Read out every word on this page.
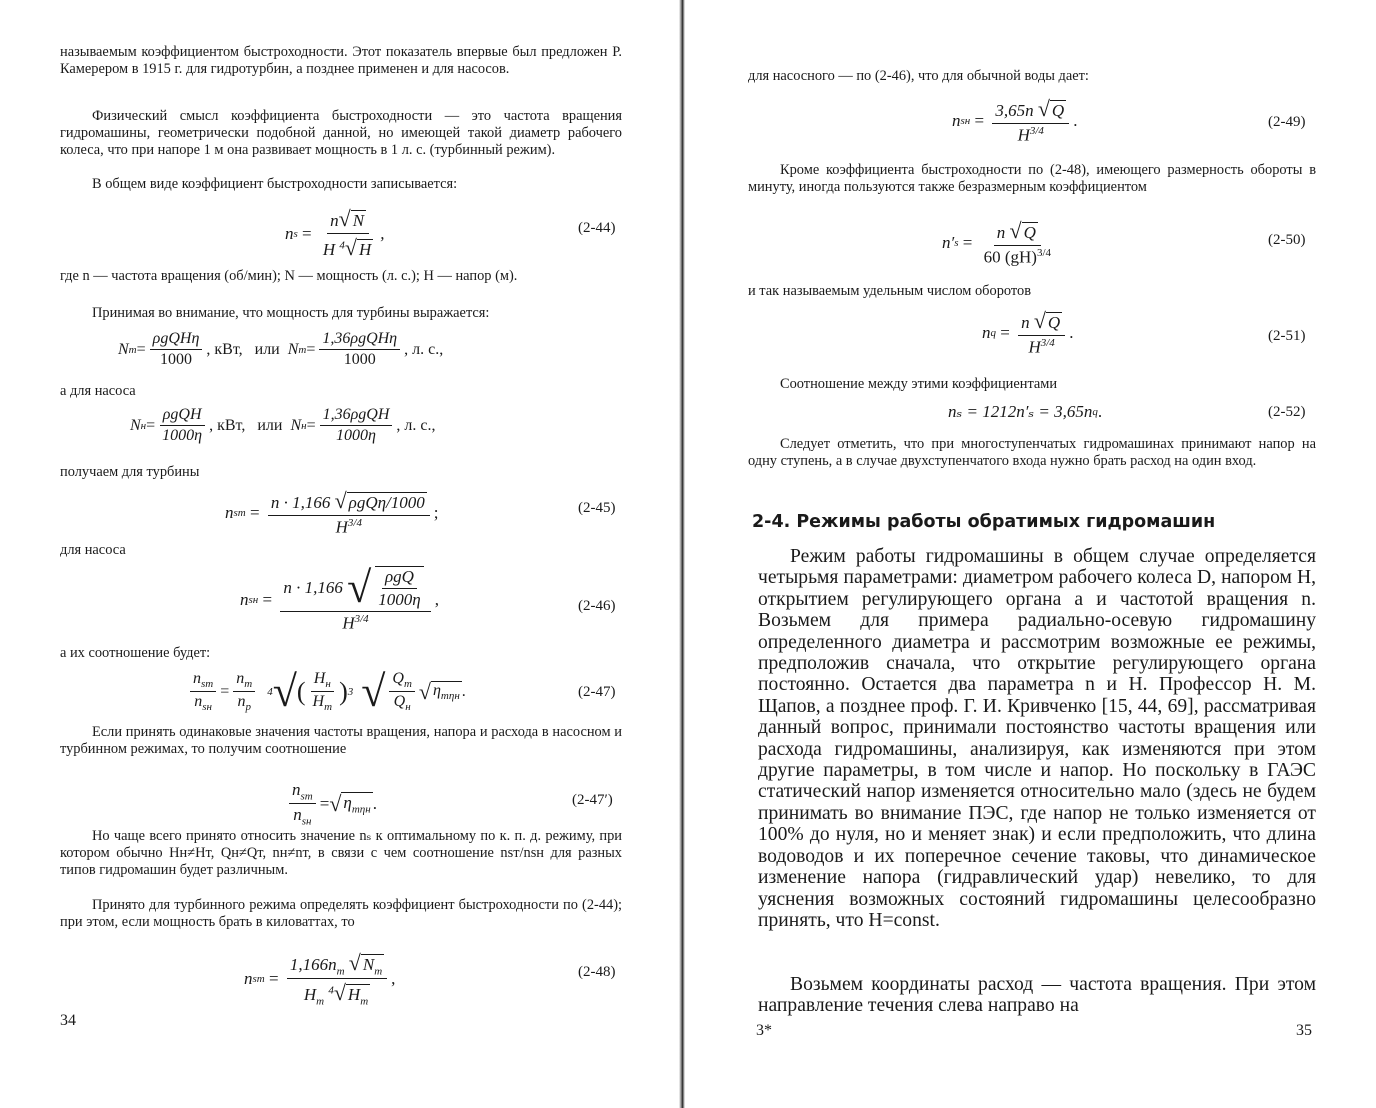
называемым коэффициентом быстроходности. Этот показатель впервые был предложен Р. Камерером в 1915 г. для гидротурбин, а позднее применен и для насосов.

Физический смысл коэффициента быстроходности — это частота вращения гидромашины, геометрически подобной данной, но имеющей такой диаметр рабочего колеса, что при напоре 1 м она развивает мощность в 1 л. с. (турбинный режим).

В общем виде коэффициент быстроходности записывается:

n $s = \frac{n√ N}{H ^4√ H}$ ,	(2-44)

где n — частота вращения (об/мин); N — мощность (л. с.); H — напор (м).

Принимая во внимание, что мощность для турбины выражается:

N $т = \frac{\text{ρgQHη}}{1000}$ , кВт,
или
N $т = \frac{\text{1,36ρgQHη}}{1000}$ , л. с.,

а для насоса

N $н = \frac{\text{ρgQH}}{1000\eta}$ , кВт,
или
N $н = \frac{\text{1,36ρgQH}}{1000\eta}$ , л. с.,

получаем для турбины

n sт = $\frac{\text{n · 1,166 √ ρgQη/1000}}{H^{3/4}}$ ;	(2-45)

для насоса

n sн = n · 1,166
√ $\frac{\text{ρgQ}}{1000\eta}$
$H^{3/4}$ ,	(2-46)

а их соотношение будет:

$\frac{n_{sт}}{n_{sн}} = \frac{n_т}{n_р}$
4 √ ( $\frac{H_н}{H_т}$ ) 3
√ $\frac{Q_т}{Q_н}$ √ $\eta_{т\eta н}$ .	(2-47)

Если принять одинаковые значения частоты вращения, напора и расхода в насосном и турбинном режимах, то получим соотношение

$\frac{n_{sт}}{n_{sн}}$ = √ $\eta_{т\eta н}$ .	(2-47′)

Но чаще всего принято относить значение nₛ к оптимальному по к. п. д. режиму, при котором обычно Hн≠Hт, Qн≠Qт, nн≠nт, в связи с чем соотношение nsт/nsн для разных типов гидромашин будет различным.

Принято для турбинного режима определять коэффициент быстроходности по (2-44); при этом, если мощность брать в киловаттах, то

n sт = $\frac{1,166n_т √ N_т}{H_т ^4√ H_т}$ ,	(2-48)
34

для насосного — по (2-46), что для обычной воды дает:

n sн = $\frac{3,65n √ Q}{H^{3/4}}$ .	(2-49)

Кроме коэффициента быстроходности по (2-48), имеющего размерность обороты в минуту, иногда пользуются также безразмерным коэффициентом

n′ $s = \frac{n √ Q}{60 (gH)^{3/4}}$	(2-50)

и так называемым удельным числом оборотов

n $q = \frac{n √ Q}{H^{3/4}}$ .	(2-51)

Соотношение между этими коэффициентами

nₛ = 1212n′ₛ = 3,65n q .	(2-52)

Следует отметить, что при многоступенчатых гидромашинах принимают напор на одну ступень, а в случае двухступенчатого входа нужно брать расход на один вход.

2-4. Режимы работы обратимых гидромашин

Режим работы гидромашины в общем случае определяется четырьмя параметрами: диаметром рабочего колеса D, напором H, открытием регулирующего органа a и частотой вращения n. Возьмем для примера радиально-осевую гидромашину определенного диаметра и рассмотрим возможные ее режимы, предположив сначала, что открытие регулирующего органа постоянно. Остается два параметра n и H. Профессор Н. М. Щапов, а позднее проф. Г. И. Кривченко [15, 44, 69], рассматривая данный вопрос, принимали постоянство частоты вращения или расхода гидромашины, анализируя, как изменяются при этом другие параметры, в том числе и напор. Но поскольку в ГАЭС статический напор изменяется относительно мало (здесь не будем принимать во внимание ПЭС, где напор не только изменяется от 100% до нуля, но и меняет знак) и если предположить, что длина водоводов и их поперечное сечение таковы, что динамическое изменение напора (гидравлический удар) невелико, то для уяснения возможных состояний гидромашины целесообразно принять, что H=const.

Возьмем координаты расход — частота вращения. При этом направление течения слева направо на

3*	35
